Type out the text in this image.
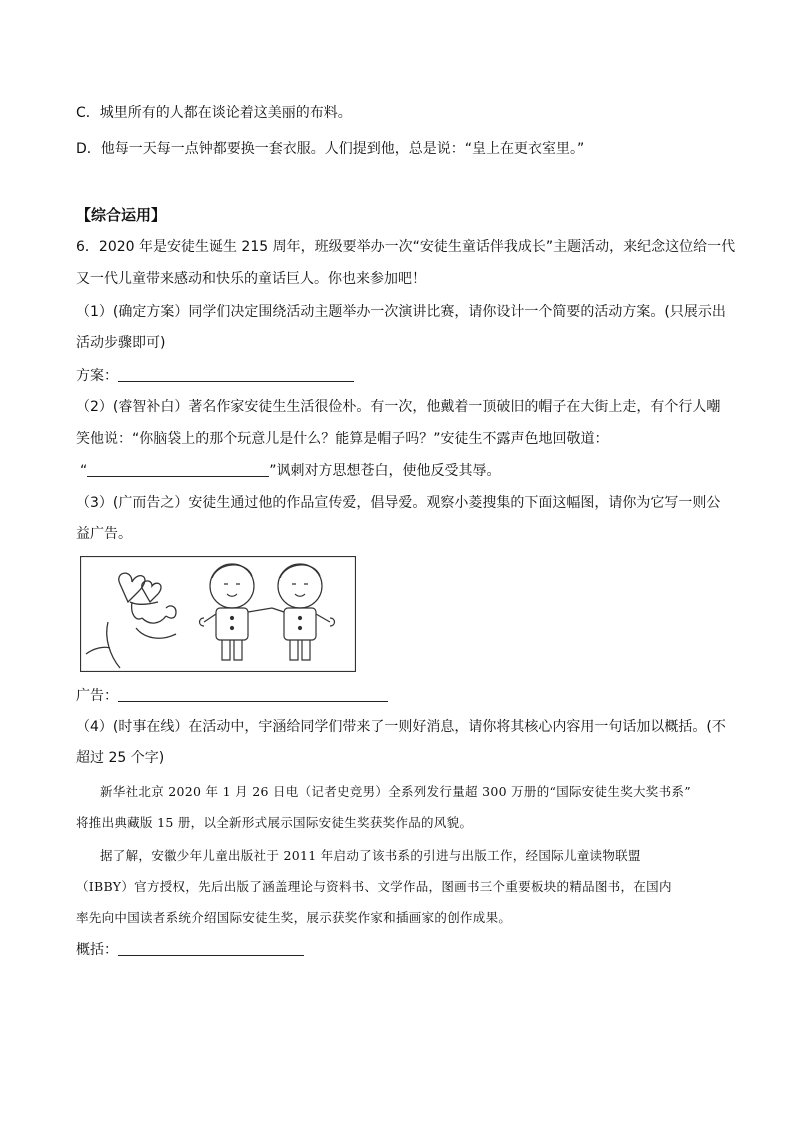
C．城里所有的人都在谈论着这美丽的布料。
D．他每一天每一点钟都要换一套衣服。人们提到他，总是说：“皇上在更衣室里。”
【综合运用】
6．2020 年是安徒生诞生 215 周年，班级要举办一次“安徒生童话伴我成长”主题活动，来纪念这位给一代
又一代儿童带来感动和快乐的童话巨人。你也来参加吧！
（1）(确定方案）同学们决定围绕活动主题举办一次演讲比赛，请你设计一个简要的活动方案。(只展示出
活动步骤即可)
方案：
（2）(睿智补白）著名作家安徒生生活很俭朴。有一次，他戴着一顶破旧的帽子在大街上走，有个行人嘲
笑他说：“你脑袋上的那个玩意儿是什么？能算是帽子吗？”安徒生不露声色地回敬道：
“	”讽刺对方思想苍白，使他反受其辱。
（3）(广而告之）安徒生通过他的作品宣传爱，倡导爱。观察小菱搜集的下面这幅图，请你为它写一则公
益广告。
广告：
（4）(时事在线）在活动中，宇涵给同学们带来了一则好消息，请你将其核心内容用一句话加以概括。(不
超过 25 个字)
新华社北京 2020 年 1 月 26 日电（记者史竞男）全系列发行量超 300 万册的“国际安徒生奖大奖书系”
将推出典藏版 15 册，以全新形式展示国际安徒生奖获奖作品的风貌。
据了解，安徽少年儿童出版社于 2011 年启动了该书系的引进与出版工作，经国际儿童读物联盟
（IBBY）官方授权，先后出版了涵盖理论与资料书、文学作品，图画书三个重要板块的精品图书，在国内
率先向中国读者系统介绍国际安徒生奖，展示获奖作家和插画家的创作成果。
概括：
